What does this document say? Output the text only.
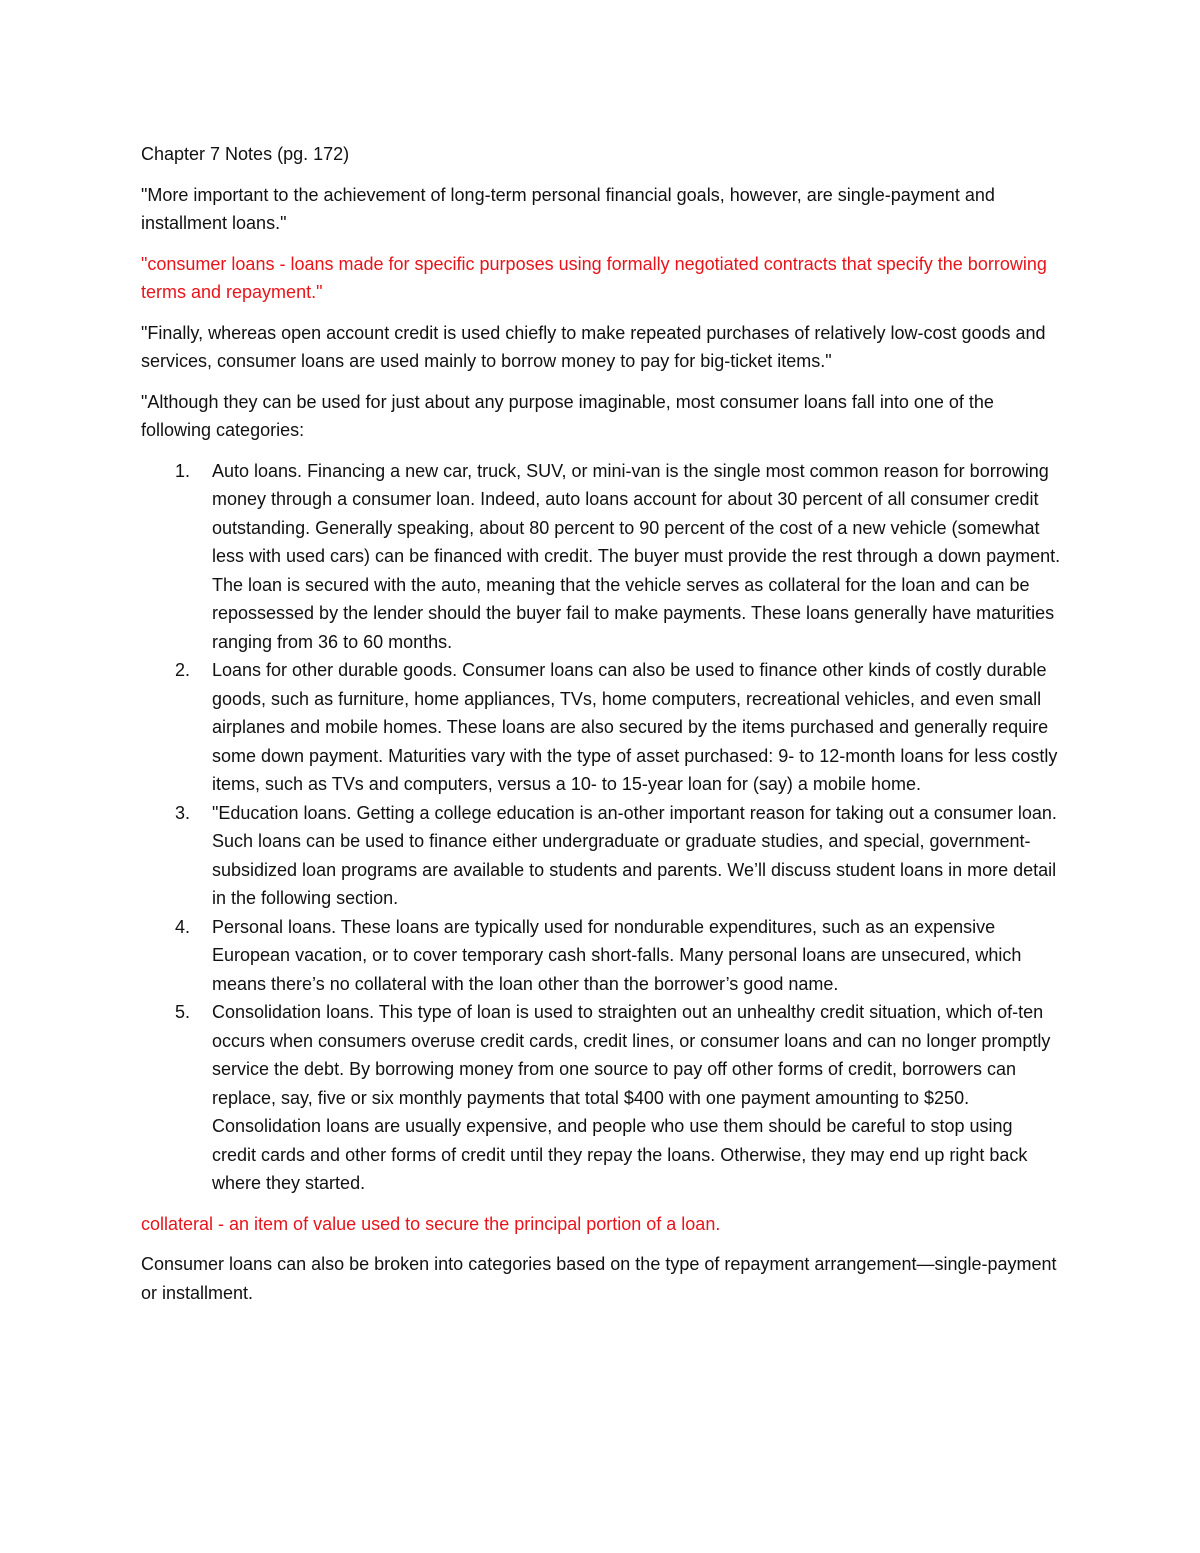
Chapter 7 Notes (pg. 172)

"More important to the achievement of long-term personal financial goals, however, are single-payment and installment loans."

"consumer loans - loans made for specific purposes using formally negotiated contracts that specify the borrowing terms and repayment."

"Finally, whereas open account credit is used chiefly to make repeated purchases of relatively low-cost goods and services, consumer loans are used mainly to borrow money to pay for big-ticket items."

"Although they can be used for just about any purpose imaginable, most consumer loans fall into one of the following categories:

1.	Auto loans. Financing a new car, truck, SUV, or mini-van is the single most common reason for borrowing money through a consumer loan. Indeed, auto loans account for about 30 percent of all consumer credit outstanding. Generally speaking, about 80 percent to 90 percent of the cost of a new vehicle (somewhat less with used cars) can be financed with credit. The buyer must provide the rest through a down payment. The loan is secured with the auto, meaning that the vehicle serves as collateral for the loan and can be repossessed by the lender should the buyer fail to make payments. These loans generally have maturities ranging from 36 to 60 months.
2.	Loans for other durable goods. Consumer loans can also be used to finance other kinds of costly durable goods, such as furniture, home appliances, TVs, home computers, recreational vehicles, and even small airplanes and mobile homes. These loans are also secured by the items purchased and generally require some down payment. Maturities vary with the type of asset purchased: 9- to 12-month loans for less costly items, such as TVs and computers, versus a 10- to 15-year loan for (say) a mobile home.
3.	"Education loans. Getting a college education is an-other important reason for taking out a consumer loan. Such loans can be used to finance either undergraduate or graduate studies, and special, government-subsidized loan programs are available to students and parents. We’ll discuss student loans in more detail in the following section.
4.	Personal loans. These loans are typically used for nondurable expenditures, such as an expensive European vacation, or to cover temporary cash short-falls. Many personal loans are unsecured, which means there’s no collateral with the loan other than the borrower’s good name.
5.	Consolidation loans. This type of loan is used to straighten out an unhealthy credit situation, which of-ten occurs when consumers overuse credit cards, credit lines, or consumer loans and can no longer promptly service the debt. By borrowing money from one source to pay off other forms of credit, borrowers can replace, say, five or six monthly payments that total $400 with one payment amounting to $250. Consolidation loans are usually expensive, and people who use them should be careful to stop using credit cards and other forms of credit until they repay the loans. Otherwise, they may end up right back where they started.

collateral - an item of value used to secure the principal portion of a loan.

Consumer loans can also be broken into categories based on the type of repayment arrangement—single-payment or installment.
